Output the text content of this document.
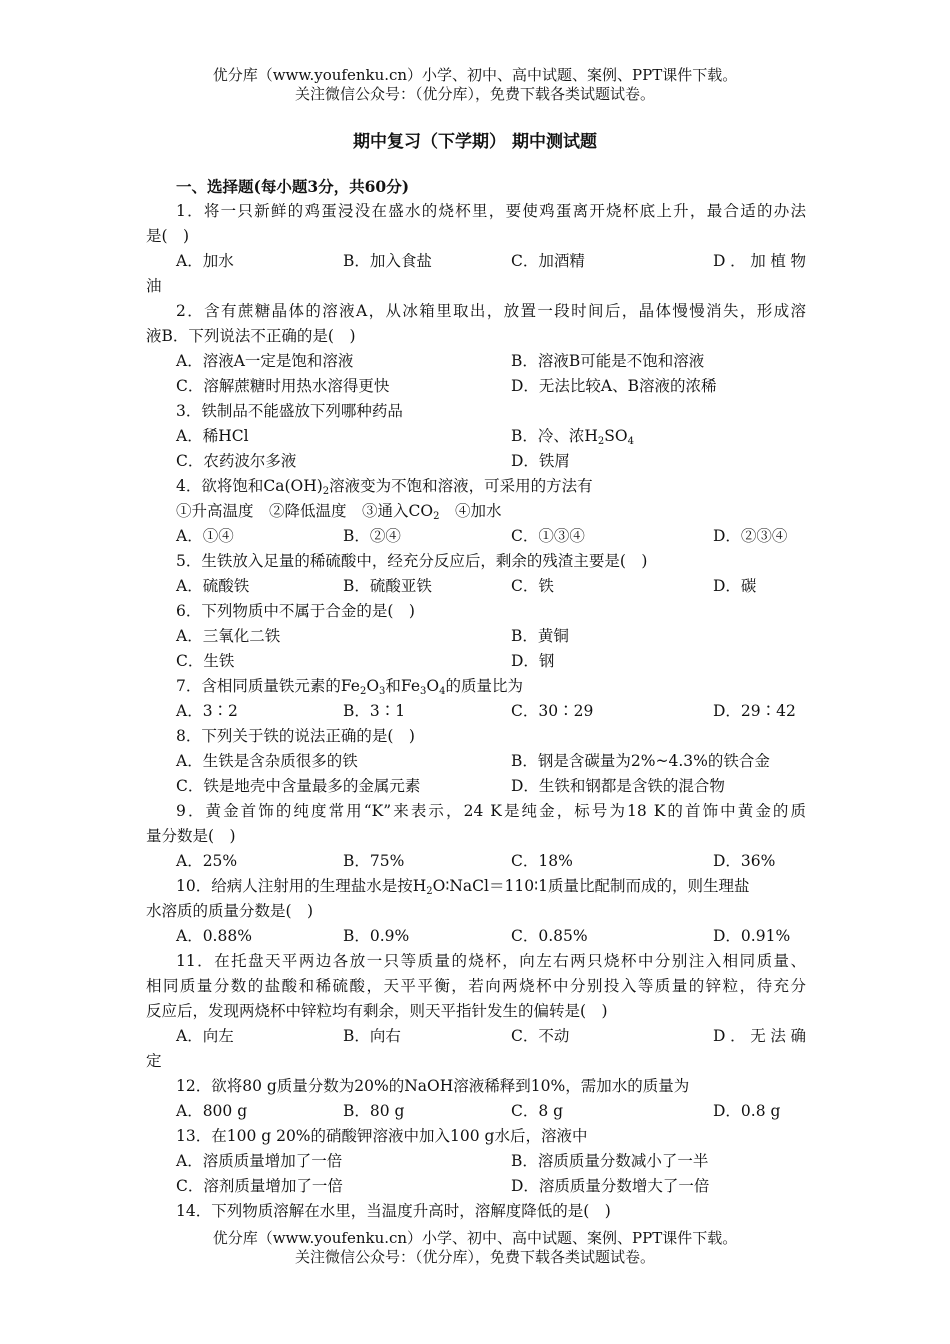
优分库（www.youfenku.cn）小学、初中、高中试题、案例、PPT课件下载。
关注微信公众号：（优分库），免费下载各类试题试卷。
期中复习（下学期） 期中测试题
一、选择题(每小题3分，共60分)
1．将一只新鲜的鸡蛋浸没在盛水的烧杯里，要使鸡蛋离开烧杯底上升，最合适的办法
是(　)
A．加水	B．加入食盐	C．加酒精	D．加植物
油
2．含有蔗糖晶体的溶液A，从冰箱里取出，放置一段时间后，晶体慢慢消失，形成溶
液B．下列说法不正确的是(　)
A．溶液A一定是饱和溶液	B．溶液B可能是不饱和溶液
C．溶解蔗糖时用热水溶得更快	D．无法比较A、B溶液的浓稀
3．铁制品不能盛放下列哪种药品
A．稀HCl	B．冷、浓$H_2SO_4$
C．农药波尔多液	D．铁屑
4．欲将饱和$Ca(OH)_2$溶液变为不饱和溶液，可采用的方法有
①升高温度　②降低温度　③通入$CO_2$　④加水
A．①④	B．②④	C．①③④	D．②③④
5．生铁放入足量的稀硫酸中，经充分反应后，剩余的残渣主要是(　)
A．硫酸铁	B．硫酸亚铁	C．铁	D．碳
6．下列物质中不属于合金的是(　)
A．三氧化二铁	B．黄铜
C．生铁	D．钢
7．含相同质量铁元素的$Fe_2O_3$和$Fe_3O_4$的质量比为
A．3∶2	B．3∶1	C．30∶29	D．29∶42
8．下列关于铁的说法正确的是(　)
A．生铁是含杂质很多的铁	B．钢是含碳量为2%~4.3%的铁合金
C．铁是地壳中含量最多的金属元素	D．生铁和钢都是含铁的混合物
9．黄金首饰的纯度常用“K”来表示，24 K是纯金，标号为18 K的首饰中黄金的质
量分数是(　)
A．25%	B．75%	C．18%	D．36%
10．给病人注射用的生理盐水是按$H_2O∶NaCl=110∶1$质量比配制而成的，则生理盐
水溶质的质量分数是(　)
A．0.88%	B．0.9%	C．0.85%	D．0.91%
11．在托盘天平两边各放一只等质量的烧杯，向左右两只烧杯中分别注入相同质量、
相同质量分数的盐酸和稀硫酸，天平平衡，若向两烧杯中分别投入等质量的锌粒，待充分
反应后，发现两烧杯中锌粒均有剩余，则天平指针发生的偏转是(　)
A．向左	B．向右	C．不动	D．无法确
定
12．欲将80 g质量分数为20%的NaOH溶液稀释到10%，需加水的质量为
A．800 g	B．80 g	C．8 g	D．0.8 g
13．在100 g 20%的硝酸钾溶液中加入100 g水后，溶液中
A．溶质质量增加了一倍	B．溶质质量分数减小了一半
C．溶剂质量增加了一倍	D．溶质质量分数增大了一倍
14．下列物质溶解在水里，当温度升高时，溶解度降低的是(　)
优分库（www.youfenku.cn）小学、初中、高中试题、案例、PPT课件下载。
关注微信公众号：（优分库），免费下载各类试题试卷。
